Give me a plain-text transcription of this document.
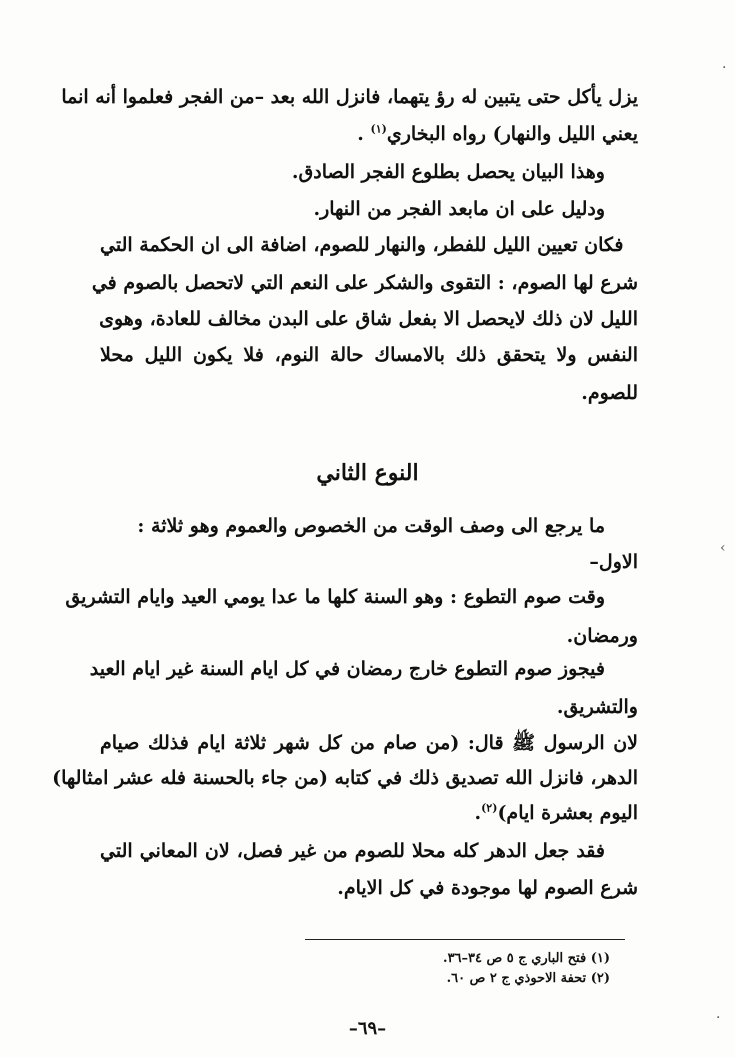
يزل يأكل حتى يتبين له رؤ يتهما، فانزل الله بعد –من الفجر فعلموا أنه انما
يعني الليل والنهار) رواه البخاري$^{(١)}$ .
وهذا البيان يحصل بطلوع الفجر الصادق.
ودليل على ان مابعد الفجر من النهار.
فكان تعيين الليل للفطر، والنهار للصوم، اضافة الى ان الحكمة التي
شرع لها الصوم، : التقوى والشكر على النعم التي لاتحصل بالصوم في
الليل لان ذلك لايحصل الا بفعل شاق على البدن مخالف للعادة، وهوى
النفس ولا يتحقق ذلك بالامساك حالة النوم، فلا يكون الليل محلا
للصوم.
النوع الثاني
ما يرجع الى وصف الوقت من الخصوص والعموم وهو ثلاثة :
الاول–
وقت صوم التطوع : وهو السنة كلها ما عدا يومي العيد وايام التشريق
ورمضان.
فيجوز صوم التطوع خارج رمضان في كل ايام السنة غير ايام العيد
والتشريق.
لان الرسول ﷺ قال: (من صام من كل شهر ثلاثة ايام فذلك صيام
الدهر، فانزل الله تصديق ذلك في كتابه (من جاء بالحسنة فله عشر امثالها)
اليوم بعشرة ايام)$^{(٢)}$.
فقد جعل الدهر كله محلا للصوم من غير فصل، لان المعاني التي
شرع الصوم لها موجودة في كل الايام.
(١) فتح الباري ج ٥ ص ٣٤–٣٦.
(٢) تحفة الاحوذي ج ٢ ص ٦٠.
–٦٩–
·
‹
·
